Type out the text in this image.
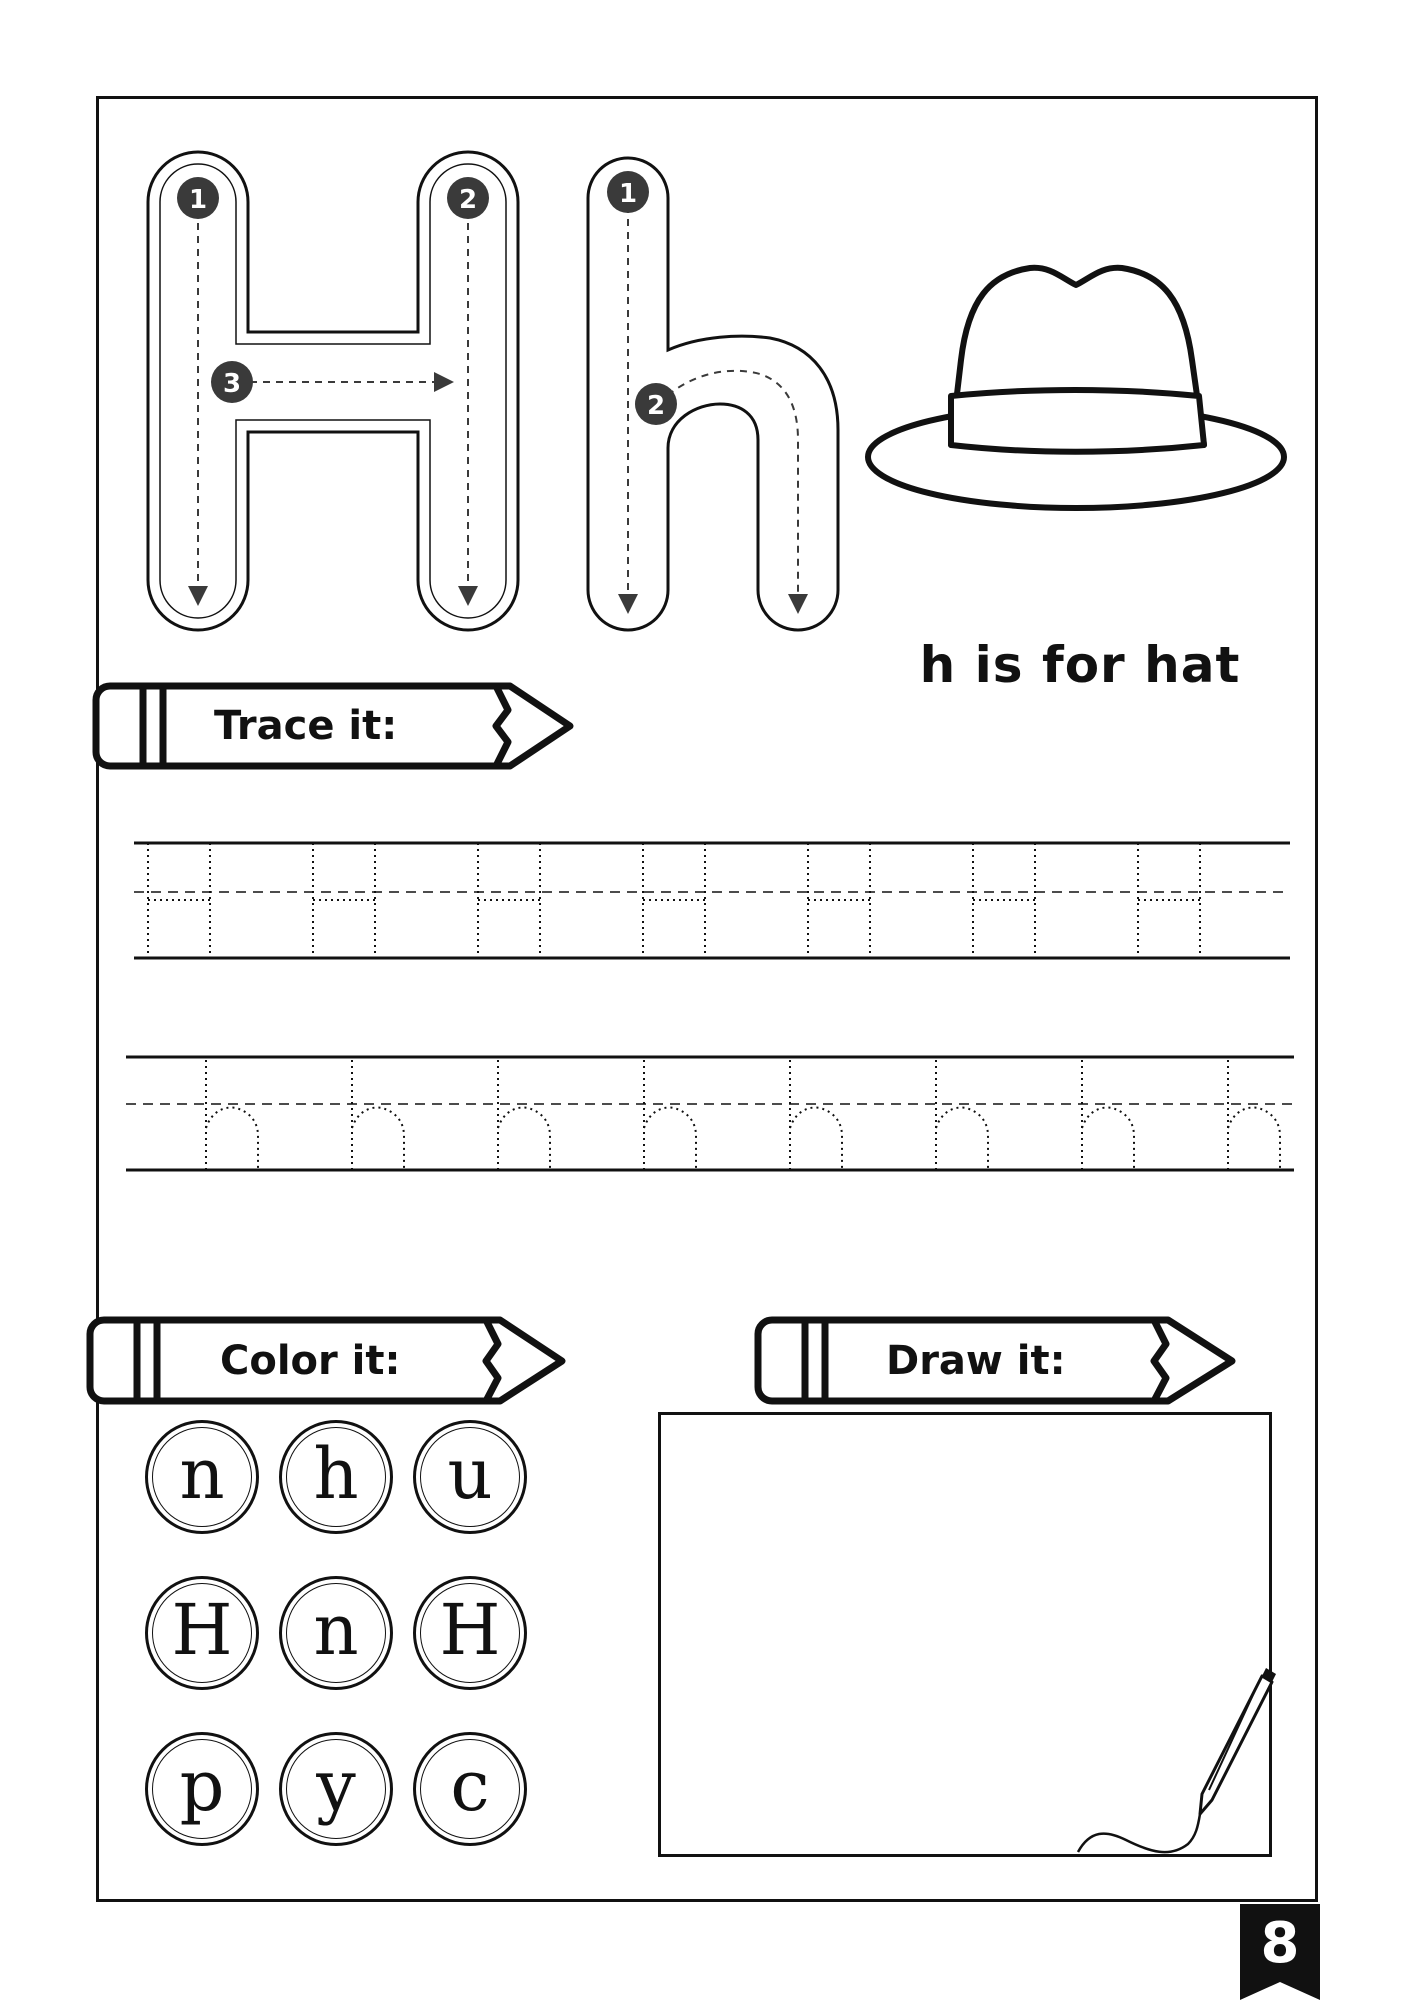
1	2
3
1
2
h is for hat
Trace it:
Color it:	Draw it:
n	h	u
H	n	H
p	y	c
8
